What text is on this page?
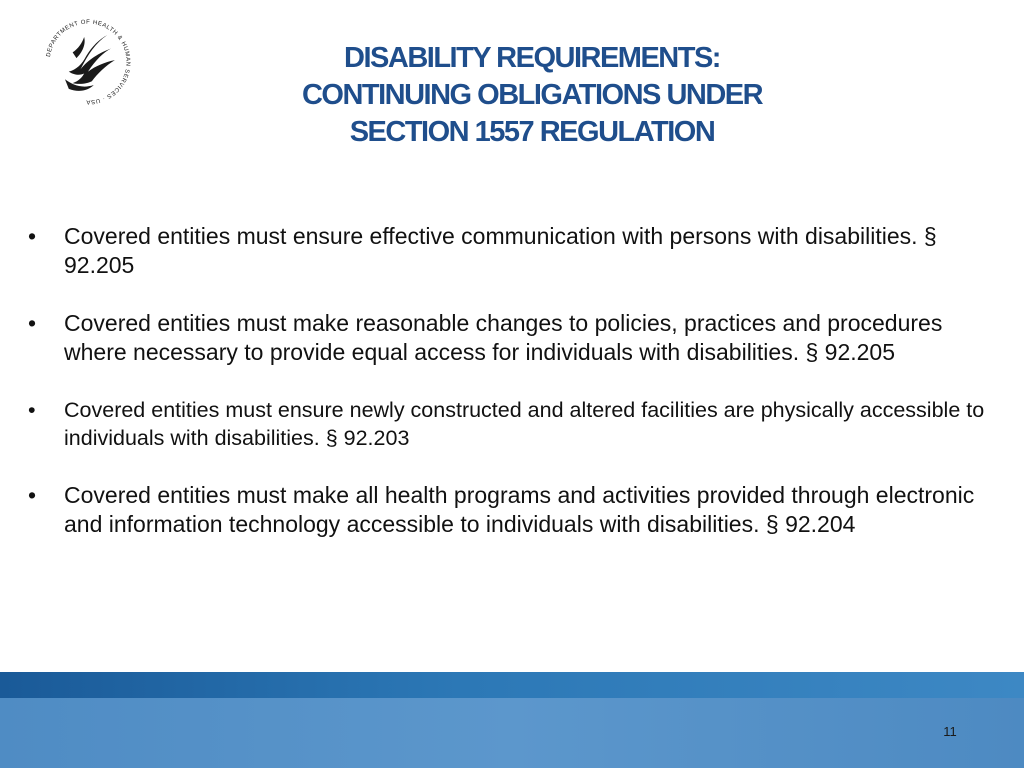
DEPARTMENT OF HEALTH & HUMAN SERVICES · USA
DISABILITY REQUIREMENTS:
CONTINUING OBLIGATIONS UNDER
SECTION 1557 REGULATION
•	Covered entities must ensure effective communication with persons with disabilities. § 92.205
•	Covered entities must make reasonable changes to policies, practices and procedures where necessary to provide equal access for individuals with disabilities. § 92.205
•	Covered entities must ensure newly constructed and altered facilities are physically accessible to individuals with disabilities. § 92.203
•	Covered entities must make all health programs and activities provided through electronic and information technology accessible to individuals with disabilities. § 92.204
11
